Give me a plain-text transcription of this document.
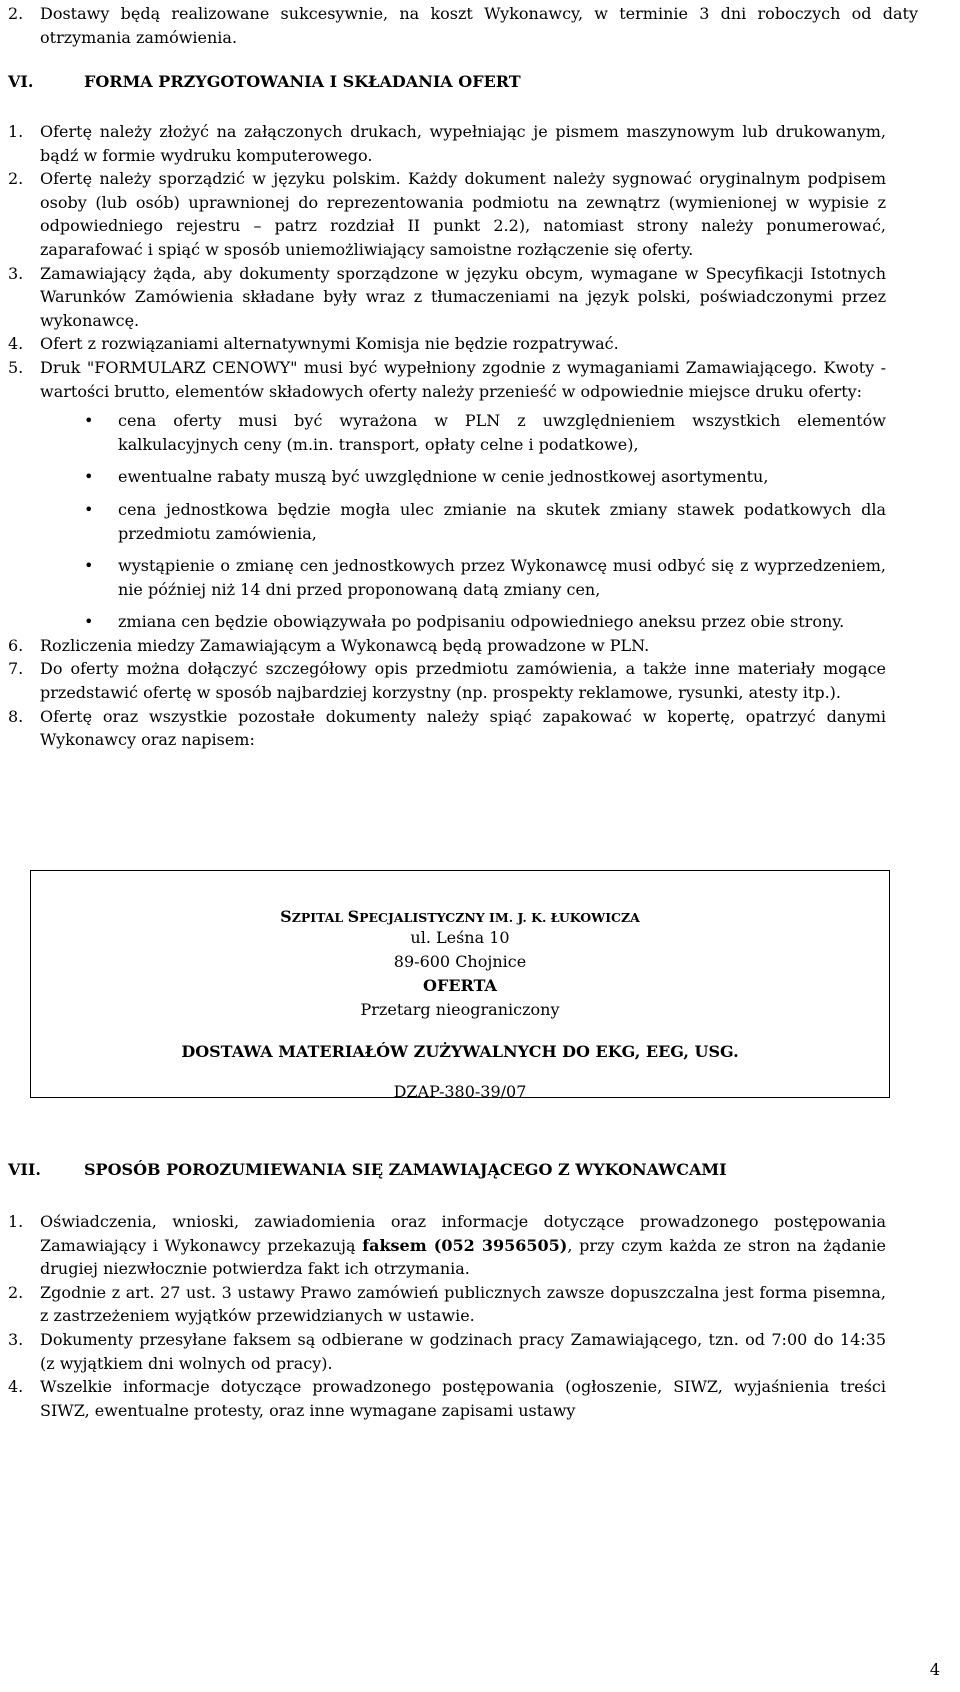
2.	Dostawy będą realizowane sukcesywnie, na koszt Wykonawcy, w terminie 3 dni roboczych od daty otrzymania zamówienia.
VI.	FORMA PRZYGOTOWANIA I SKŁADANIA OFERT
1.	Ofertę należy złożyć na załączonych drukach, wypełniając je pismem maszynowym lub drukowanym, bądź w formie wydruku komputerowego.
2.	Ofertę należy sporządzić w języku polskim. Każdy dokument należy sygnować oryginalnym podpisem osoby (lub osób) uprawnionej do reprezentowania podmiotu na zewnątrz (wymienionej w wypisie z odpowiedniego rejestru – patrz rozdział II punkt 2.2), natomiast strony należy ponumerować, zaparafować i spiąć w sposób uniemożliwiający samoistne rozłączenie się oferty.
3.	Zamawiający żąda, aby dokumenty sporządzone w języku obcym, wymagane w Specyfikacji Istotnych Warunków Zamówienia składane były wraz z tłumaczeniami na język polski, poświadczonymi przez wykonawcę.
4.	Ofert z rozwiązaniami alternatywnymi Komisja nie będzie rozpatrywać.
5.	Druk "FORMULARZ CENOWY" musi być wypełniony zgodnie z wymaganiami Zamawiającego. Kwoty - wartości brutto, elementów składowych oferty należy przenieść w odpowiednie miejsce druku oferty:
• cena oferty musi być wyrażona w PLN z uwzględnieniem wszystkich elementów kalkulacyjnych ceny (m.in. transport, opłaty celne i podatkowe),
• ewentualne rabaty muszą być uwzględnione w cenie jednostkowej asortymentu,
• cena jednostkowa będzie mogła ulec zmianie na skutek zmiany stawek podatkowych dla przedmiotu zamówienia,
• wystąpienie o zmianę cen jednostkowych przez Wykonawcę musi odbyć się z wyprzedzeniem, nie później niż 14 dni przed proponowaną datą zmiany cen,
• zmiana cen będzie obowiązywała po podpisaniu odpowiedniego aneksu przez obie strony.
6.	Rozliczenia miedzy Zamawiającym a Wykonawcą będą prowadzone w PLN.
7.	Do oferty można dołączyć szczegółowy opis przedmiotu zamówienia, a także inne materiały mogące przedstawić ofertę w sposób najbardziej korzystny (np. prospekty reklamowe, rysunki, atesty itp.).
8.	Ofertę oraz wszystkie pozostałe dokumenty należy spiąć zapakować w kopertę, opatrzyć danymi Wykonawcy oraz napisem:
SZPITAL SPECJALISTYCZNY IM. J. K. ŁUKOWICZA
ul. Leśna 10
89-600 Chojnice
OFERTA
Przetarg nieograniczony
DOSTAWA MATERIAŁÓW ZUŻYWALNYCH DO EKG, EEG, USG.
DZAP-380-39/07
VII.	SPOSÓB POROZUMIEWANIA SIĘ ZAMAWIAJĄCEGO Z WYKONAWCAMI
1.	Oświadczenia, wnioski, zawiadomienia oraz informacje dotyczące prowadzonego postępowania Zamawiający i Wykonawcy przekazują faksem (052 3956505), przy czym każda ze stron na żądanie drugiej niezwłocznie potwierdza fakt ich otrzymania.
2.	Zgodnie z art. 27 ust. 3 ustawy Prawo zamówień publicznych zawsze dopuszczalna jest forma pisemna, z zastrzeżeniem wyjątków przewidzianych w ustawie.
3.	Dokumenty przesyłane faksem są odbierane w godzinach pracy Zamawiającego, tzn. od 7:00 do 14:35 (z wyjątkiem dni wolnych od pracy).
4.	Wszelkie informacje dotyczące prowadzonego postępowania (ogłoszenie, SIWZ, wyjaśnienia treści SIWZ, ewentualne protesty, oraz inne wymagane zapisami ustawy
4
